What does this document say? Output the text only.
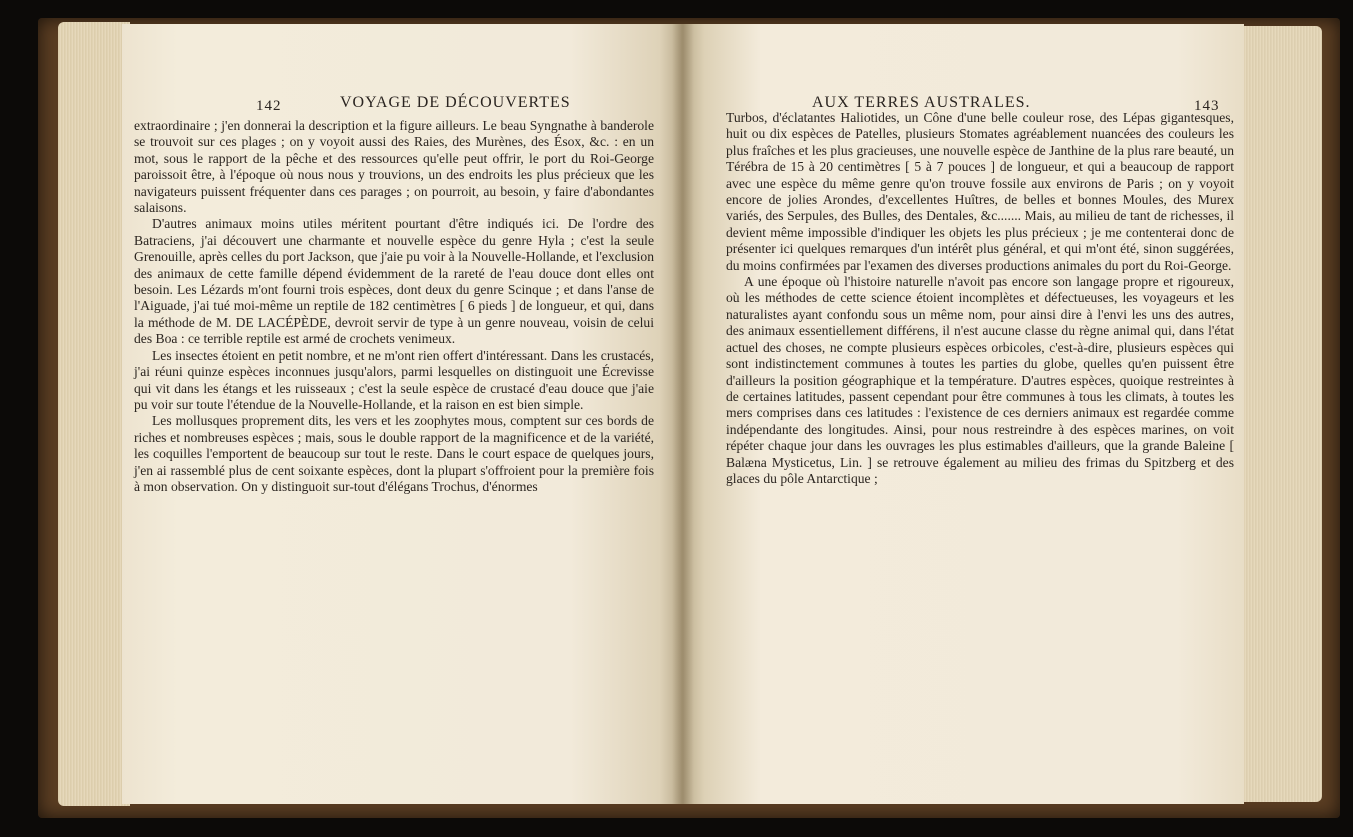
142	VOYAGE DE DÉCOUVERTES

extraordinaire ; j'en donnerai la description et la figure ailleurs. Le beau Syngnathe à banderole se trouvoit sur ces plages ; on y voyoit aussi des Raies, des Murènes, des Ésox, &c. : en un mot, sous le rapport de la pêche et des ressources qu'elle peut offrir, le port du Roi-George paroissoit être, à l'époque où nous nous y trouvions, un des endroits les plus précieux que les navigateurs puissent fréquenter dans ces parages ; on pourroit, au besoin, y faire d'abondantes salaisons.

D'autres animaux moins utiles méritent pourtant d'être indiqués ici. De l'ordre des Batraciens, j'ai découvert une charmante et nouvelle espèce du genre Hyla ; c'est la seule Grenouille, après celles du port Jackson, que j'aie pu voir à la Nouvelle-Hollande, et l'exclusion des animaux de cette famille dépend évidemment de la rareté de l'eau douce dont elles ont besoin. Les Lézards m'ont fourni trois espèces, dont deux du genre Scinque ; et dans l'anse de l'Aiguade, j'ai tué moi-même un reptile de 182 centimètres [ 6 pieds ] de longueur, et qui, dans la méthode de M. DE LACÉPÈDE, devroit servir de type à un genre nouveau, voisin de celui des Boa : ce terrible reptile est armé de crochets venimeux.

Les insectes étoient en petit nombre, et ne m'ont rien offert d'intéressant. Dans les crustacés, j'ai réuni quinze espèces inconnues jusqu'alors, parmi lesquelles on distinguoit une Écrevisse qui vit dans les étangs et les ruisseaux ; c'est la seule espèce de crustacé d'eau douce que j'aie pu voir sur toute l'étendue de la Nouvelle-Hollande, et la raison en est bien simple.

Les mollusques proprement dits, les vers et les zoophytes mous, comptent sur ces bords de riches et nombreuses espèces ; mais, sous le double rapport de la magnificence et de la variété, les coquilles l'emportent de beaucoup sur tout le reste. Dans le court espace de quelques jours, j'en ai rassemblé plus de cent soixante espèces, dont la plupart s'offroient pour la première fois à mon observation. On y distinguoit sur-tout d'élégans Trochus, d'énormes

AUX TERRES AUSTRALES.	143

Turbos, d'éclatantes Haliotides, un Cône d'une belle couleur rose, des Lépas gigantesques, huit ou dix espèces de Patelles, plusieurs Stomates agréablement nuancées des couleurs les plus fraîches et les plus gracieuses, une nouvelle espèce de Janthine de la plus rare beauté, un Térébra de 15 à 20 centimètres [ 5 à 7 pouces ] de longueur, et qui a beaucoup de rapport avec une espèce du même genre qu'on trouve fossile aux environs de Paris ; on y voyoit encore de jolies Arondes, d'excellentes Huîtres, de belles et bonnes Moules, des Murex variés, des Serpules, des Bulles, des Dentales, &c....... Mais, au milieu de tant de richesses, il devient même impossible d'indiquer les objets les plus précieux ; je me contenterai donc de présenter ici quelques remarques d'un intérêt plus général, et qui m'ont été, sinon suggérées, du moins confirmées par l'examen des diverses productions animales du port du Roi-George.

A une époque où l'histoire naturelle n'avoit pas encore son langage propre et rigoureux, où les méthodes de cette science étoient incomplètes et défectueuses, les voyageurs et les naturalistes ayant confondu sous un même nom, pour ainsi dire à l'envi les uns des autres, des animaux essentiellement différens, il n'est aucune classe du règne animal qui, dans l'état actuel des choses, ne compte plusieurs espèces orbicoles, c'est-à-dire, plusieurs espèces qui sont indistinctement communes à toutes les parties du globe, quelles qu'en puissent être d'ailleurs la position géographique et la température. D'autres espèces, quoique restreintes à de certaines latitudes, passent cependant pour être communes à tous les climats, à toutes les mers comprises dans ces latitudes : l'existence de ces derniers animaux est regardée comme indépendante des longitudes. Ainsi, pour nous restreindre à des espèces marines, on voit répéter chaque jour dans les ouvrages les plus estimables d'ailleurs, que la grande Baleine [ Balæna Mysticetus, Lin. ] se retrouve également au milieu des frimas du Spitzberg et des glaces du pôle Antarctique ;
